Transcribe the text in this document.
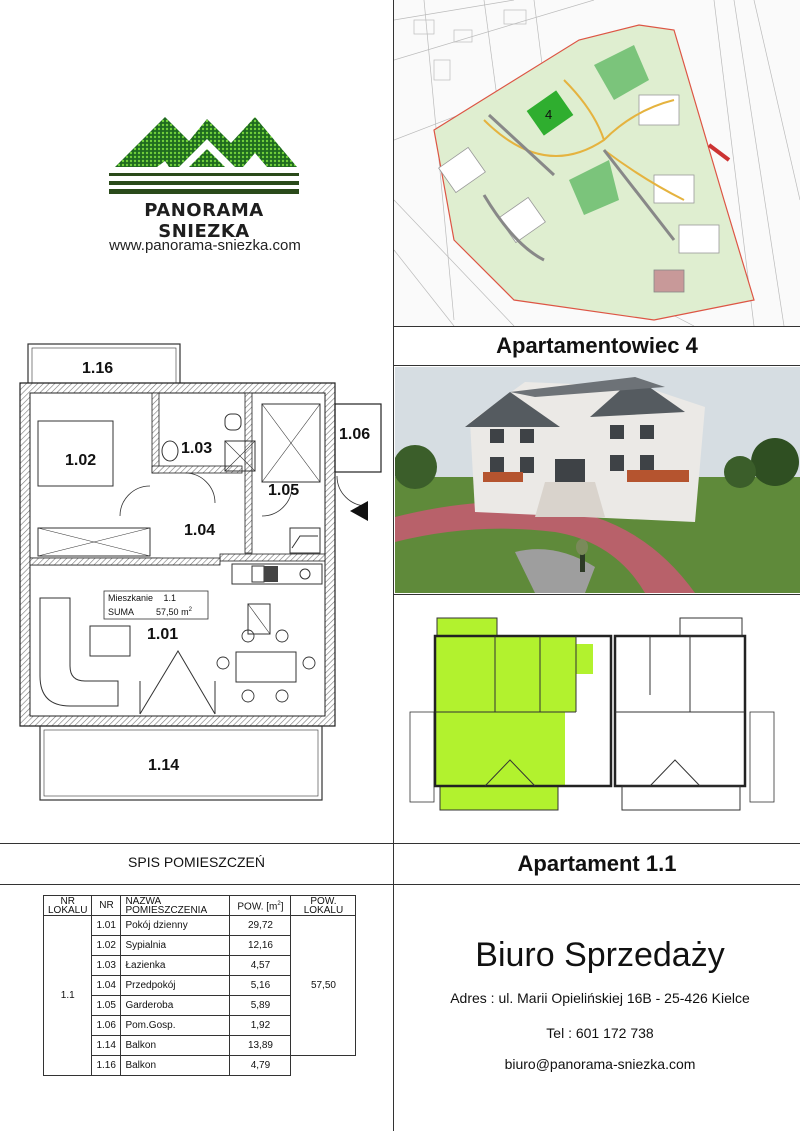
PANORAMA SNIEZKA
www.panorama-sniezka.com
4
Apartamentowiec 4
1.16
1.02
1.03
1.06
1.05
1.04
1.01
1.14
Mieszkanie 1.1
SUMA	57,50 $m^2$
SPIS POMIESZCZEŃ	Apartament 1.1
NR LOKALU	NR	NAZWA POMIESZCZENIA	POW. $[m^2]$	POW. LOKALU
1.1	1.01	Pokój dzienny	29,72	57,50
	1.02	Sypialnia	12,16	
	1.03	Łazienka	4,57	
	1.04	Przedpokój	5,16	
	1.05	Garderoba	5,89	
	1.06	Pom.Gosp.	1,92	
	1.14	Balkon	13,89	
	1.16	Balkon	4,79	
Biuro Sprzedaży
Adres : ul. Marii Opielińskiej 16B - 25-426 Kielce
Tel : 601 172 738
biuro@panorama-sniezka.com
